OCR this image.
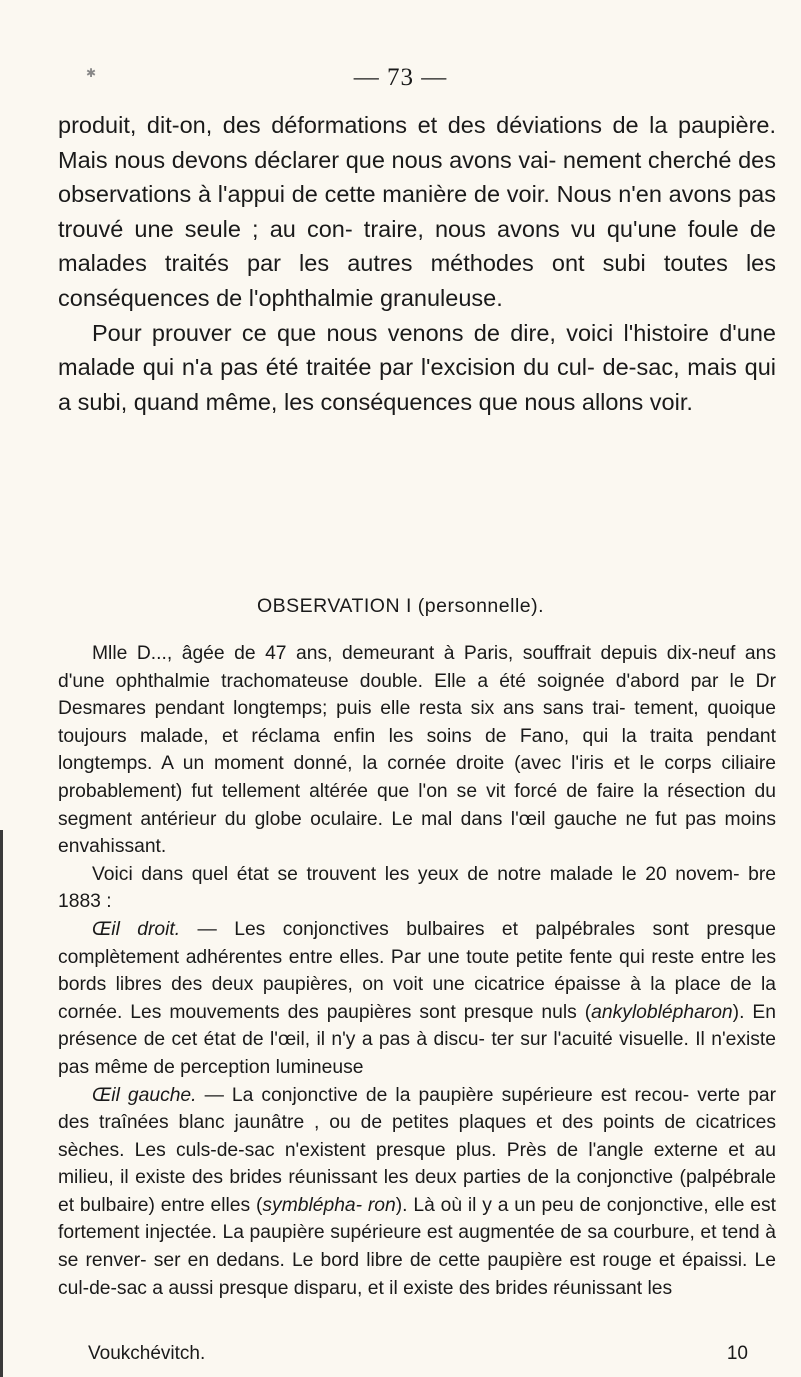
✱	— 73 —

produit, dit-on, des déformations et des déviations de la paupière. Mais nous devons déclarer que nous avons vai- nement cherché des observations à l'appui de cette manière de voir. Nous n'en avons pas trouvé une seule ; au con- traire, nous avons vu qu'une foule de malades traités par les autres méthodes ont subi toutes les conséquences de l'ophthalmie granuleuse.

Pour prouver ce que nous venons de dire, voici l'histoire d'une malade qui n'a pas été traitée par l'excision du cul- de-sac, mais qui a subi, quand même, les conséquences que nous allons voir.

OBSERVATION I (personnelle).

Mlle D..., âgée de 47 ans, demeurant à Paris, souffrait depuis dix-neuf ans d'une ophthalmie trachomateuse double. Elle a été soignée d'abord par le Dr Desmares pendant longtemps; puis elle resta six ans sans trai- tement, quoique toujours malade, et réclama enfin les soins de Fano, qui la traita pendant longtemps. A un moment donné, la cornée droite (avec l'iris et le corps ciliaire probablement) fut tellement altérée que l'on se vit forcé de faire la résection du segment antérieur du globe oculaire. Le mal dans l'œil gauche ne fut pas moins envahissant.

Voici dans quel état se trouvent les yeux de notre malade le 20 novem- bre 1883 :

Œil droit. — Les conjonctives bulbaires et palpébrales sont presque complètement adhérentes entre elles. Par une toute petite fente qui reste entre les bords libres des deux paupières, on voit une cicatrice épaisse à la place de la cornée. Les mouvements des paupières sont presque nuls (ankyloblépharon). En présence de cet état de l'œil, il n'y a pas à discu- ter sur l'acuité visuelle. Il n'existe pas même de perception lumineuse

Œil gauche. — La conjonctive de la paupière supérieure est recou- verte par des traînées blanc jaunâtre , ou de petites plaques et des points de cicatrices sèches. Les culs-de-sac n'existent presque plus. Près de l'angle externe et au milieu, il existe des brides réunissant les deux parties de la conjonctive (palpébrale et bulbaire) entre elles (symblépha- ron). Là où il y a un peu de conjonctive, elle est fortement injectée. La paupière supérieure est augmentée de sa courbure, et tend à se renver- ser en dedans. Le bord libre de cette paupière est rouge et épaissi. Le cul-de-sac a aussi presque disparu, et il existe des brides réunissant les

Voukchévitch.	10
